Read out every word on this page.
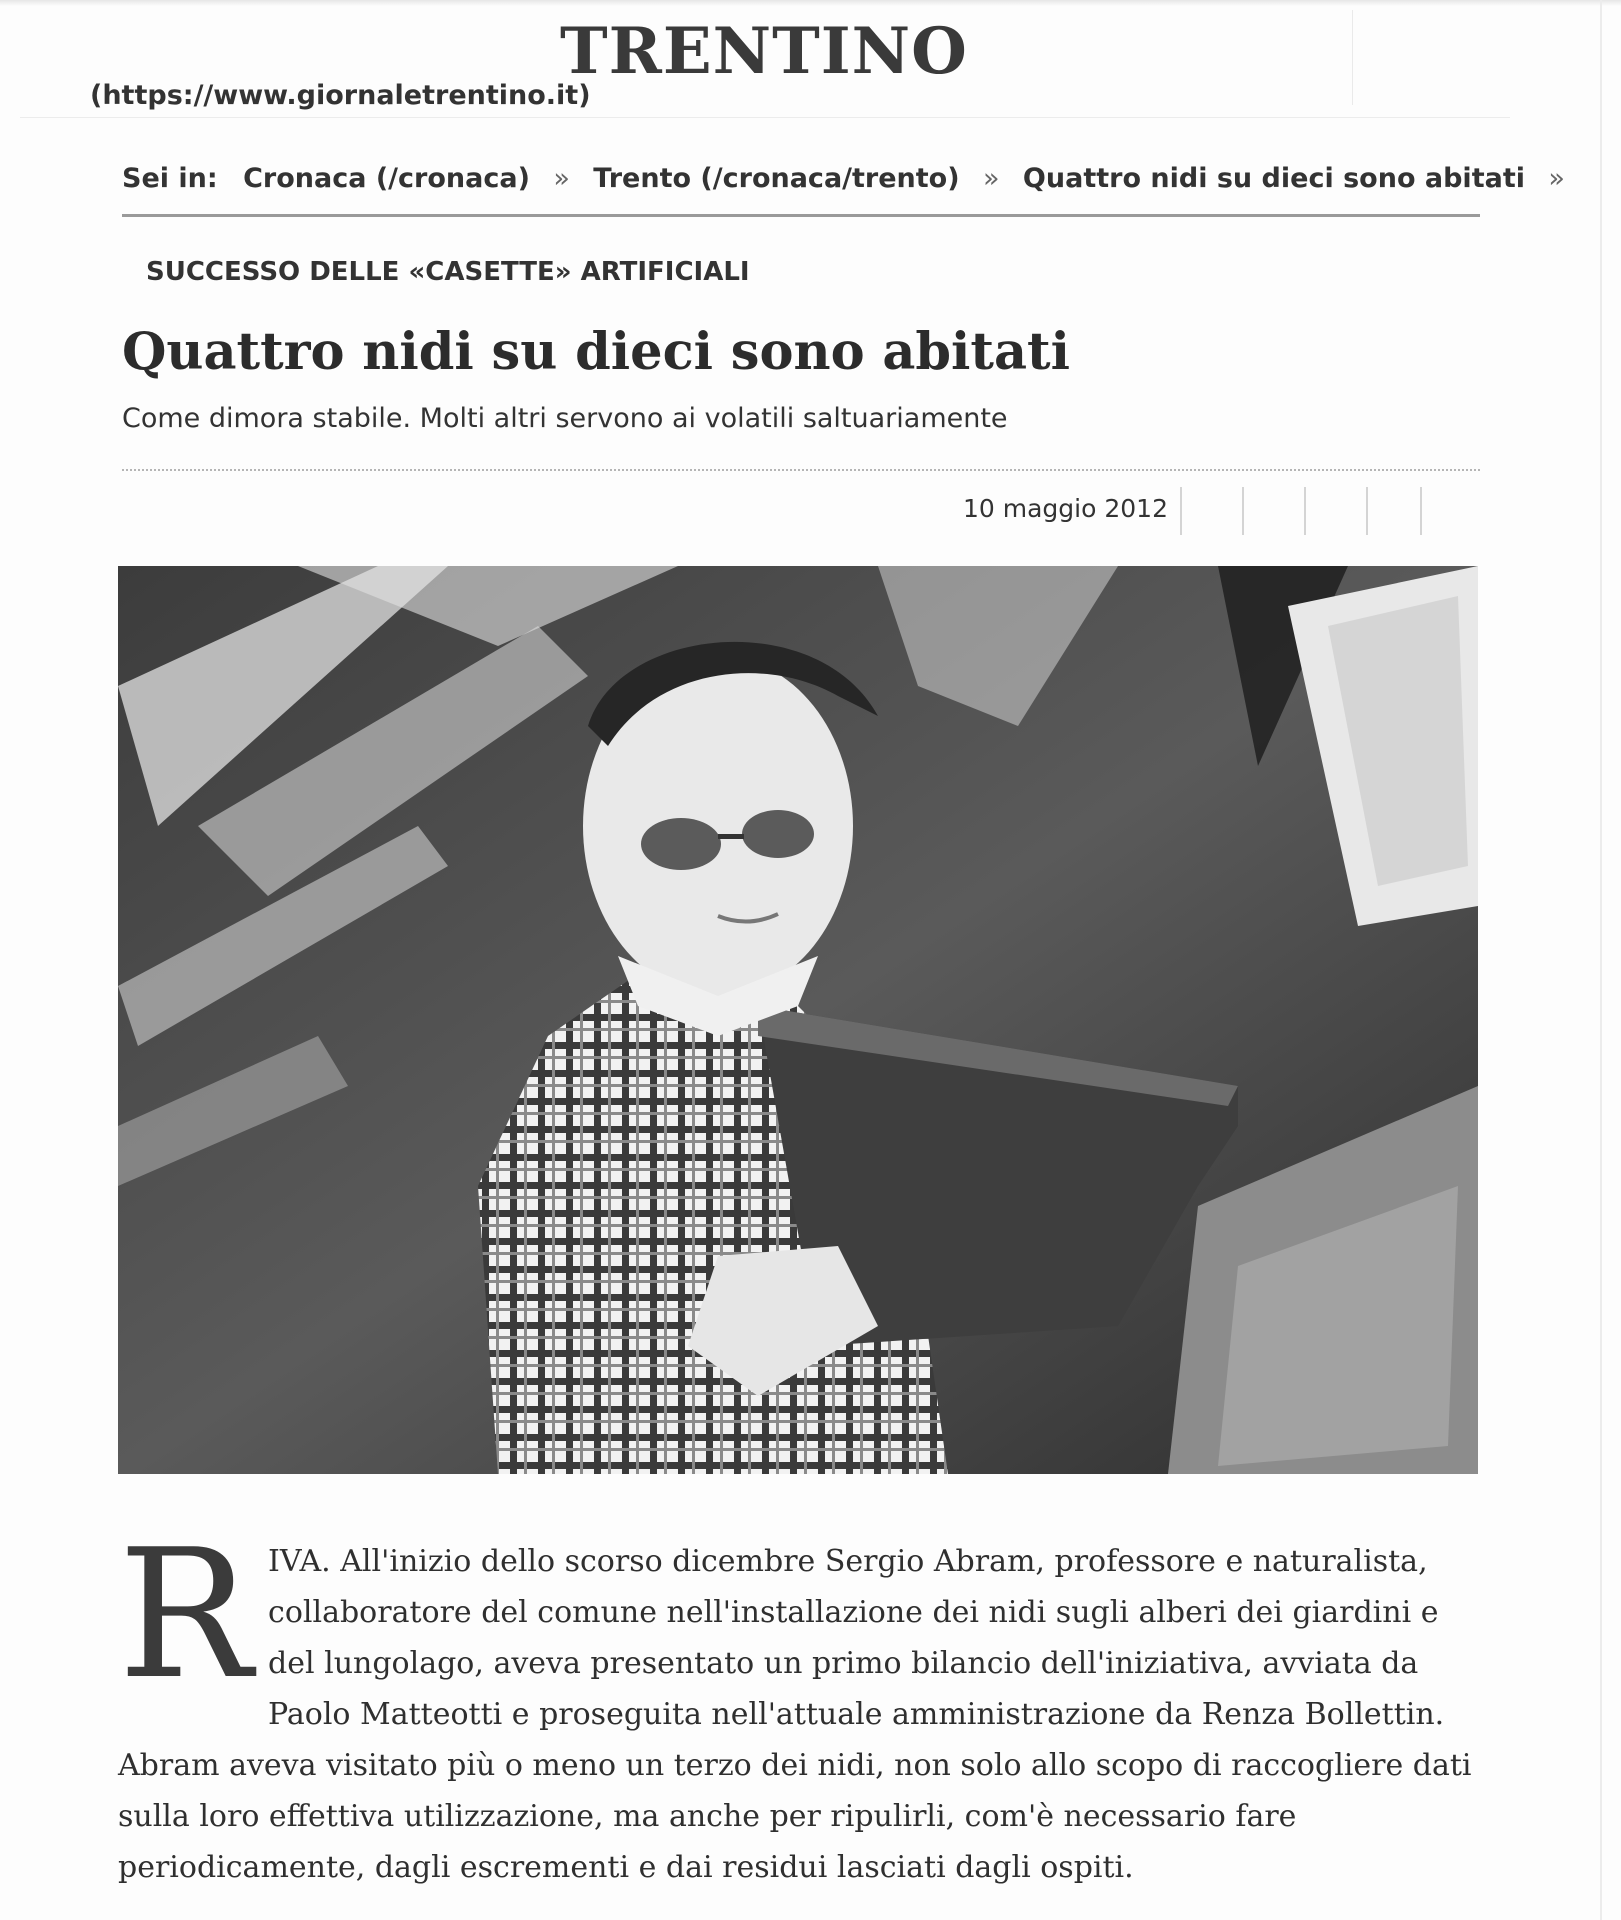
(https://www.giornaletrentino.it)
TRENTINO
Sei in: Cronaca (/cronaca) » Trento (/cronaca/trento) » Quattro nidi su dieci sono abitati »
SUCCESSO DELLE «CASETTE» ARTIFICIALI
Quattro nidi su dieci sono abitati
Come dimora stabile. Molti altri servono ai volatili saltuariamente
10 maggio 2012
R IVA. All'inizio dello scorso dicembre Sergio Abram, professore e naturalista, collaboratore del comune nell'installazione dei nidi sugli alberi dei giardini e del lungolago, aveva presentato un primo bilancio dell'iniziativa, avviata da Paolo Matteotti e proseguita nell'attuale amministrazione da Renza Bollettin. Abram aveva visitato più o meno un terzo dei nidi, non solo allo scopo di raccogliere dati sulla loro effettiva utilizzazione, ma anche per ripulirli, com'è necessario fare periodicamente, dagli escrementi e dai residui lasciati dagli ospiti.
